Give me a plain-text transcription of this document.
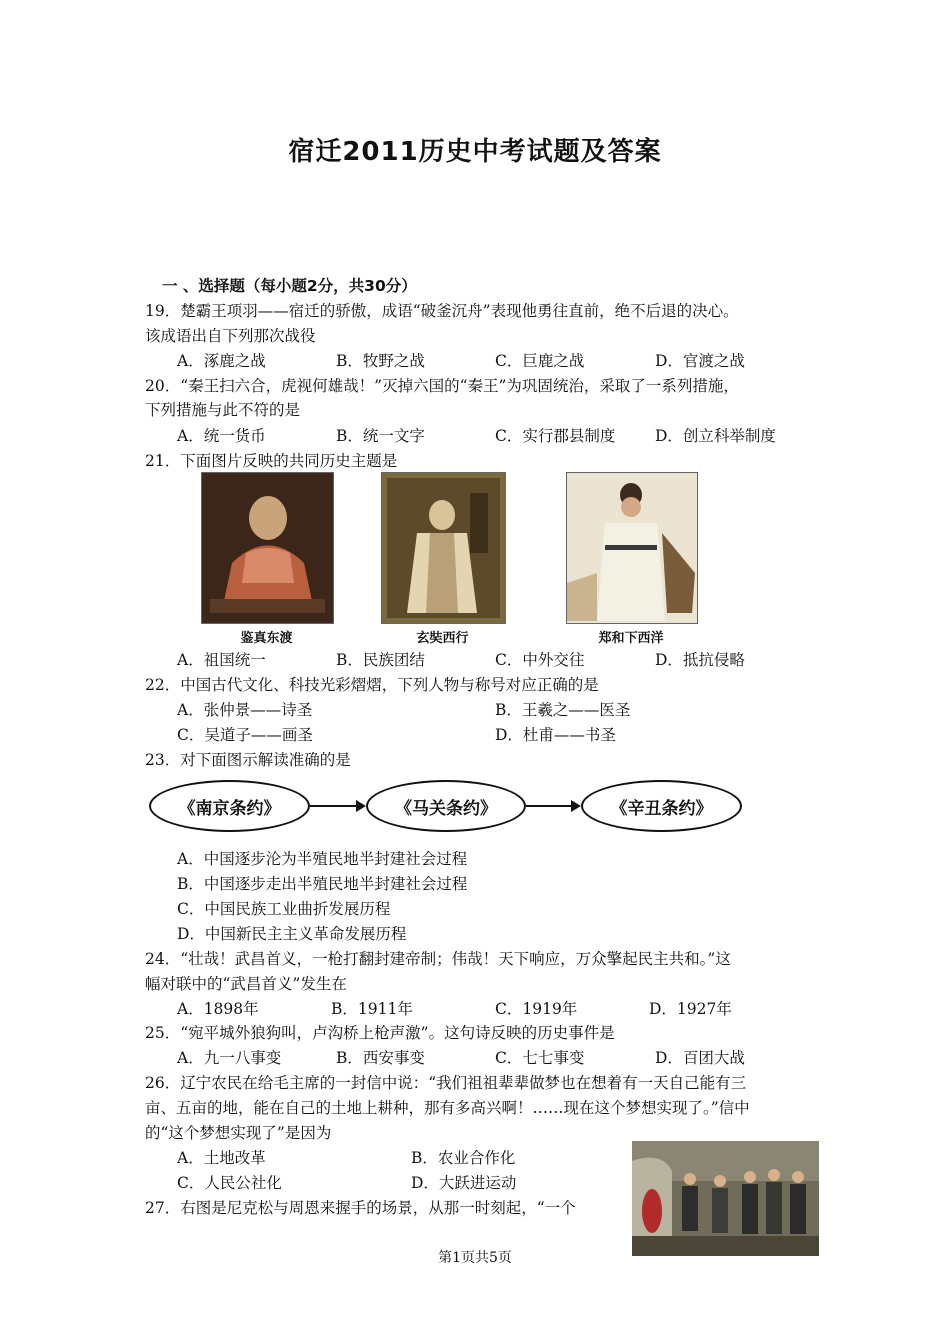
宿迁2011历史中考试题及答案
一 、选择题（每小题2分，共30分）
19．楚霸王项羽——宿迁的骄傲，成语“破釜沉舟”表现他勇往直前，绝不后退的决心。
该成语出自下列那次战役
A．涿鹿之战	B．牧野之战	C．巨鹿之战	D．官渡之战
20．“秦王扫六合，虎视何雄哉！”灭掉六国的“秦王”为巩固统治，采取了一系列措施，
下列措施与此不符的是
A．统一货币	B．统一文字	C．实行郡县制度	D．创立科举制度
21．下面图片反映的共同历史主题是
鉴真东渡	玄奘西行	郑和下西洋
A．祖国统一	B．民族团结	C．中外交往	D．抵抗侵略
22．中国古代文化、科技光彩熠熠，下列人物与称号对应正确的是
A．张仲景——诗圣	B．王羲之——医圣
C．吴道子——画圣	D．杜甫——书圣
23．对下面图示解读准确的是
《南京条约》	《马关条约》	《辛丑条约》
A．中国逐步沦为半殖民地半封建社会过程
B．中国逐步走出半殖民地半封建社会过程
C．中国民族工业曲折发展历程
D．中国新民主主义革命发展历程
24．“壮哉！武昌首义，一枪打翻封建帝制；伟哉！天下响应，万众擎起民主共和。”这
幅对联中的“武昌首义”发生在
A．1898年	B．1911年	C．1919年	D．1927年
25．“宛平城外狼狗叫，卢沟桥上枪声激”。这句诗反映的历史事件是
A．九一八事变	B．西安事变	C．七七事变	D．百团大战
26．辽宁农民在给毛主席的一封信中说：“我们祖祖辈辈做梦也在想着有一天自己能有三
亩、五亩的地，能在自己的土地上耕种，那有多高兴啊！……现在这个梦想实现了。”信中
的“这个梦想实现了”是因为
A．土地改革	B．农业合作化
C．人民公社化	D．大跃进运动
27．右图是尼克松与周恩来握手的场景，从那一时刻起，“一个
第1页共5页
